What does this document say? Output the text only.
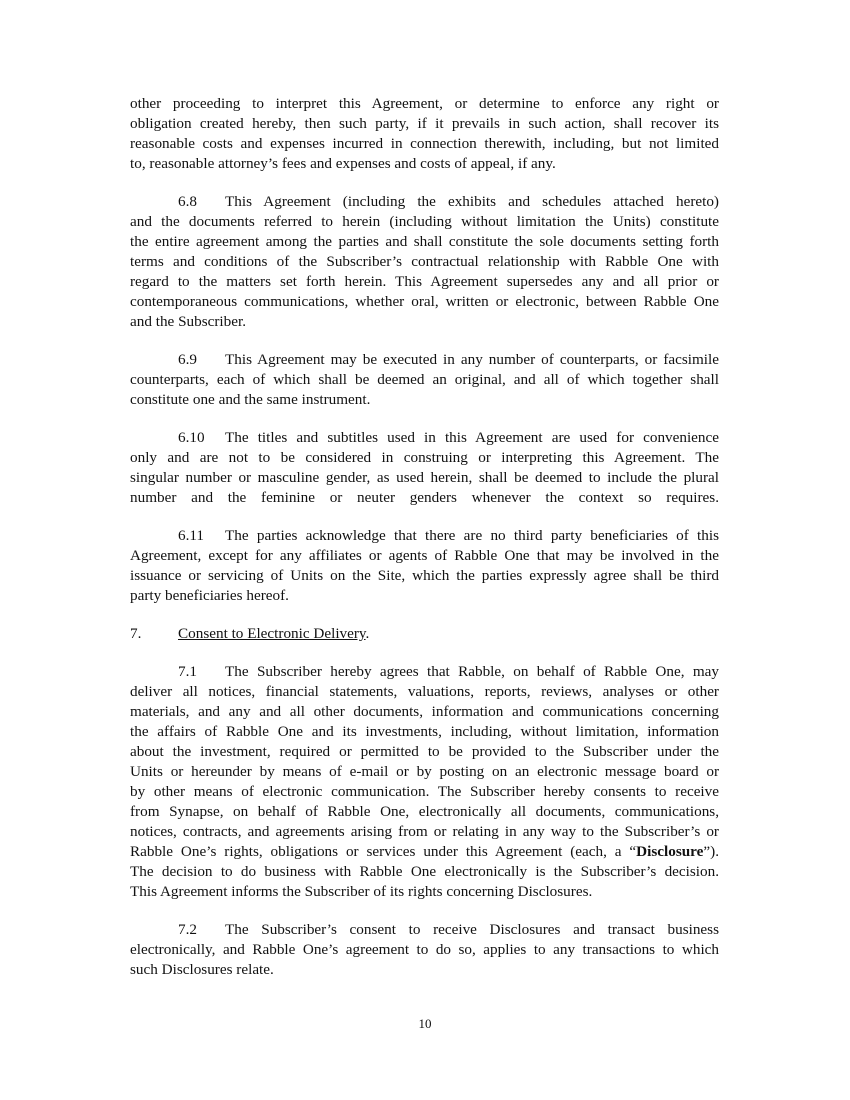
other proceeding to interpret this Agreement, or determine to enforce any right or
obligation created hereby, then such party, if it prevails in such action, shall recover its
reasonable costs and expenses incurred in connection therewith, including, but not limited
to, reasonable attorney’s fees and expenses and costs of appeal, if any.
6.8 This Agreement (including the exhibits and schedules attached hereto)
and the documents referred to herein (including without limitation the Units) constitute
the entire agreement among the parties and shall constitute the sole documents setting forth
terms and conditions of the Subscriber’s contractual relationship with Rabble One with
regard to the matters set forth herein. This Agreement supersedes any and all prior or
contemporaneous communications, whether oral, written or electronic, between Rabble One
and the Subscriber.
6.9 This Agreement may be executed in any number of counterparts, or facsimile
counterparts, each of which shall be deemed an original, and all of which together shall
constitute one and the same instrument.
6.10 The titles and subtitles used in this Agreement are used for convenience
only and are not to be considered in construing or interpreting this Agreement. The
singular number or masculine gender, as used herein, shall be deemed to include the plural
number and the feminine or neuter genders whenever the context so requires.
6.11 The parties acknowledge that there are no third party beneficiaries of this
Agreement, except for any affiliates or agents of Rabble One that may be involved in the
issuance or servicing of Units on the Site, which the parties expressly agree shall be third
party beneficiaries hereof.
7. Consent to Electronic Delivery.
7.1 The Subscriber hereby agrees that Rabble, on behalf of Rabble One, may
deliver all notices, financial statements, valuations, reports, reviews, analyses or other
materials, and any and all other documents, information and communications concerning
the affairs of Rabble One and its investments, including, without limitation, information
about the investment, required or permitted to be provided to the Subscriber under the
Units or hereunder by means of e-mail or by posting on an electronic message board or
by other means of electronic communication. The Subscriber hereby consents to receive
from Synapse, on behalf of Rabble One, electronically all documents, communications,
notices, contracts, and agreements arising from or relating in any way to the Subscriber’s or
Rabble One’s rights, obligations or services under this Agreement (each, a “Disclosure”).
The decision to do business with Rabble One electronically is the Subscriber’s decision.
This Agreement informs the Subscriber of its rights concerning Disclosures.
7.2 The Subscriber’s consent to receive Disclosures and transact business
electronically, and Rabble One’s agreement to do so, applies to any transactions to which
such Disclosures relate.
10
